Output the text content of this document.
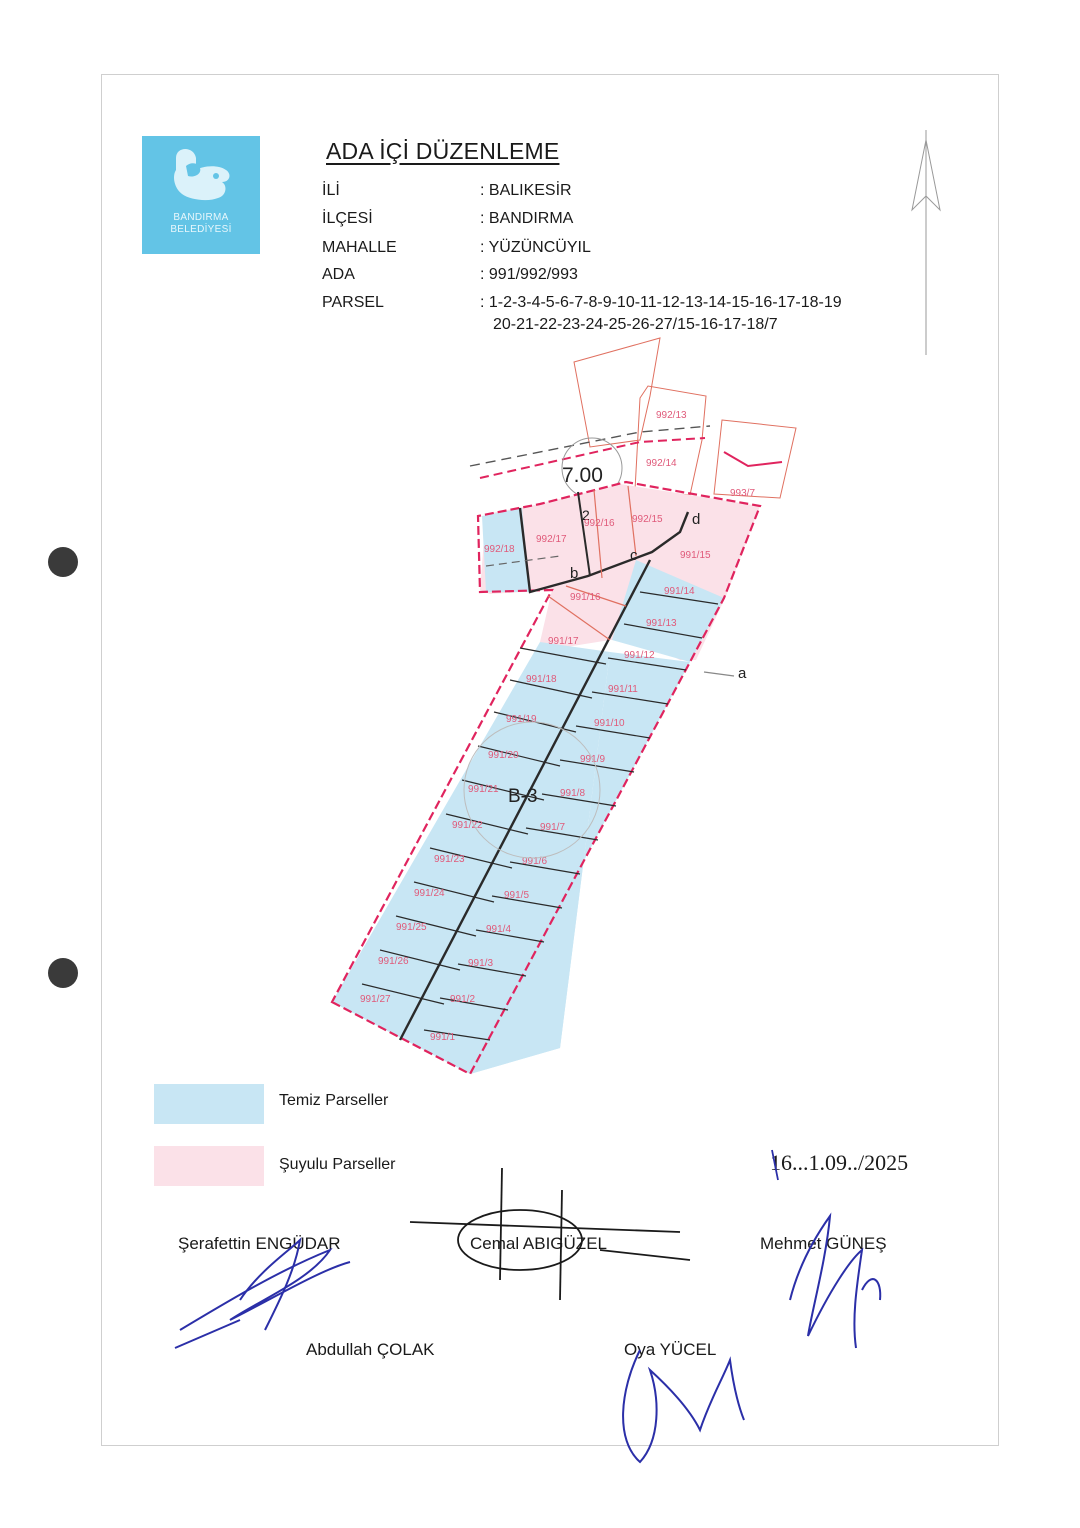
BANDIRMA
BELEDİYESİ
ADA İÇİ DÜZENLEME
İLİ	: BALIKESİR
İLÇESİ	: BANDIRMA
MAHALLE	: YÜZÜNCÜYIL
ADA	: 991/992/993
PARSEL	: 1-2-3-4-5-6-7-8-9-10-11-12-13-14-15-16-17-18-19
20-21-22-23-24-25-26-27/15-16-17-18/7
7.00
B-3
a
b
c
d
2
992/18
992/17
992/16 992/15
991/15
991/16
991/17
992/13
992/14
993/7
991/18
991/19
991/20
991/21
991/22
991/23
991/24
991/25
991/26
991/27
991/14
991/13
991/12
991/11
991/10
991/9
991/8
991/7
991/6
991/5
991/4
991/3
991/2
991/1
Temiz Parseller
Şuyulu Parseller	16...1.09../2025
Şerafettin ENGÜDAR	Cemal ABIGÜZEL	Mehmet GÜNEŞ
Abdullah ÇOLAK	Oya YÜCEL
